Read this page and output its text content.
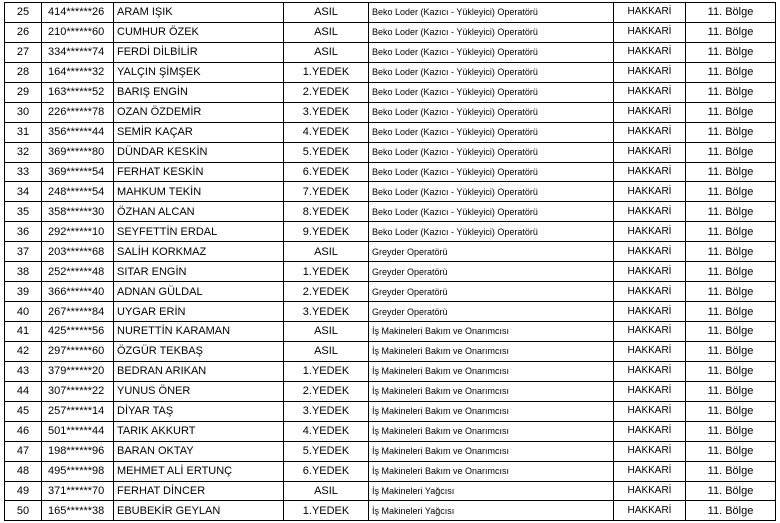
25	414******26	ARAM IŞIK	ASIL	Beko Loder (Kazıcı - Yükleyici) Operatörü	HAKKARİ	11. Bölge
26	210******60	CUMHUR ÖZEK	ASIL	Beko Loder (Kazıcı - Yükleyici) Operatörü	HAKKARİ	11. Bölge
27	334******74	FERDİ DİLBİLİR	ASIL	Beko Loder (Kazıcı - Yükleyici) Operatörü	HAKKARİ	11. Bölge
28	164******32	YALÇIN ŞİMŞEK	1.YEDEK	Beko Loder (Kazıcı - Yükleyici) Operatörü	HAKKARİ	11. Bölge
29	163******52	BARIŞ ENGİN	2.YEDEK	Beko Loder (Kazıcı - Yükleyici) Operatörü	HAKKARİ	11. Bölge
30	226******78	OZAN ÖZDEMİR	3.YEDEK	Beko Loder (Kazıcı - Yükleyici) Operatörü	HAKKARİ	11. Bölge
31	356******44	SEMİR KAÇAR	4.YEDEK	Beko Loder (Kazıcı - Yükleyici) Operatörü	HAKKARİ	11. Bölge
32	369******80	DÜNDAR KESKİN	5.YEDEK	Beko Loder (Kazıcı - Yükleyici) Operatörü	HAKKARİ	11. Bölge
33	369******54	FERHAT KESKİN	6.YEDEK	Beko Loder (Kazıcı - Yükleyici) Operatörü	HAKKARİ	11. Bölge
34	248******54	MAHKUM TEKİN	7.YEDEK	Beko Loder (Kazıcı - Yükleyici) Operatörü	HAKKARİ	11. Bölge
35	358******30	ÖZHAN ALCAN	8.YEDEK	Beko Loder (Kazıcı - Yükleyici) Operatörü	HAKKARİ	11. Bölge
36	292******10	SEYFETTİN ERDAL	9.YEDEK	Beko Loder (Kazıcı - Yükleyici) Operatörü	HAKKARİ	11. Bölge
37	203******68	SALİH KORKMAZ	ASIL	Greyder Operatörü	HAKKARİ	11. Bölge
38	252******48	SITAR ENGİN	1.YEDEK	Greyder Operatörü	HAKKARİ	11. Bölge
39	366******40	ADNAN GÜLDAL	2.YEDEK	Greyder Operatörü	HAKKARİ	11. Bölge
40	267******84	UYGAR ERİN	3.YEDEK	Greyder Operatörü	HAKKARİ	11. Bölge
41	425******56	NURETTİN KARAMAN	ASIL	İş Makineleri Bakım ve Onarımcısı	HAKKARİ	11. Bölge
42	297******60	ÖZGÜR TEKBAŞ	ASIL	İş Makineleri Bakım ve Onarımcısı	HAKKARİ	11. Bölge
43	379******20	BEDRAN ARIKAN	1.YEDEK	İş Makineleri Bakım ve Onarımcısı	HAKKARİ	11. Bölge
44	307******22	YUNUS ÖNER	2.YEDEK	İş Makineleri Bakım ve Onarımcısı	HAKKARİ	11. Bölge
45	257******14	DİYAR TAŞ	3.YEDEK	İş Makineleri Bakım ve Onarımcısı	HAKKARİ	11. Bölge
46	501******44	TARIK AKKURT	4.YEDEK	İş Makineleri Bakım ve Onarımcısı	HAKKARİ	11. Bölge
47	198******96	BARAN OKTAY	5.YEDEK	İş Makineleri Bakım ve Onarımcısı	HAKKARİ	11. Bölge
48	495******98	MEHMET ALİ ERTUNÇ	6.YEDEK	İş Makineleri Bakım ve Onarımcısı	HAKKARİ	11. Bölge
49	371******70	FERHAT DİNCER	ASIL	İş Makineleri Yağcısı	HAKKARİ	11. Bölge
50	165******38	EBUBEKİR GEYLAN	1.YEDEK	İş Makineleri Yağcısı	HAKKARİ	11. Bölge
